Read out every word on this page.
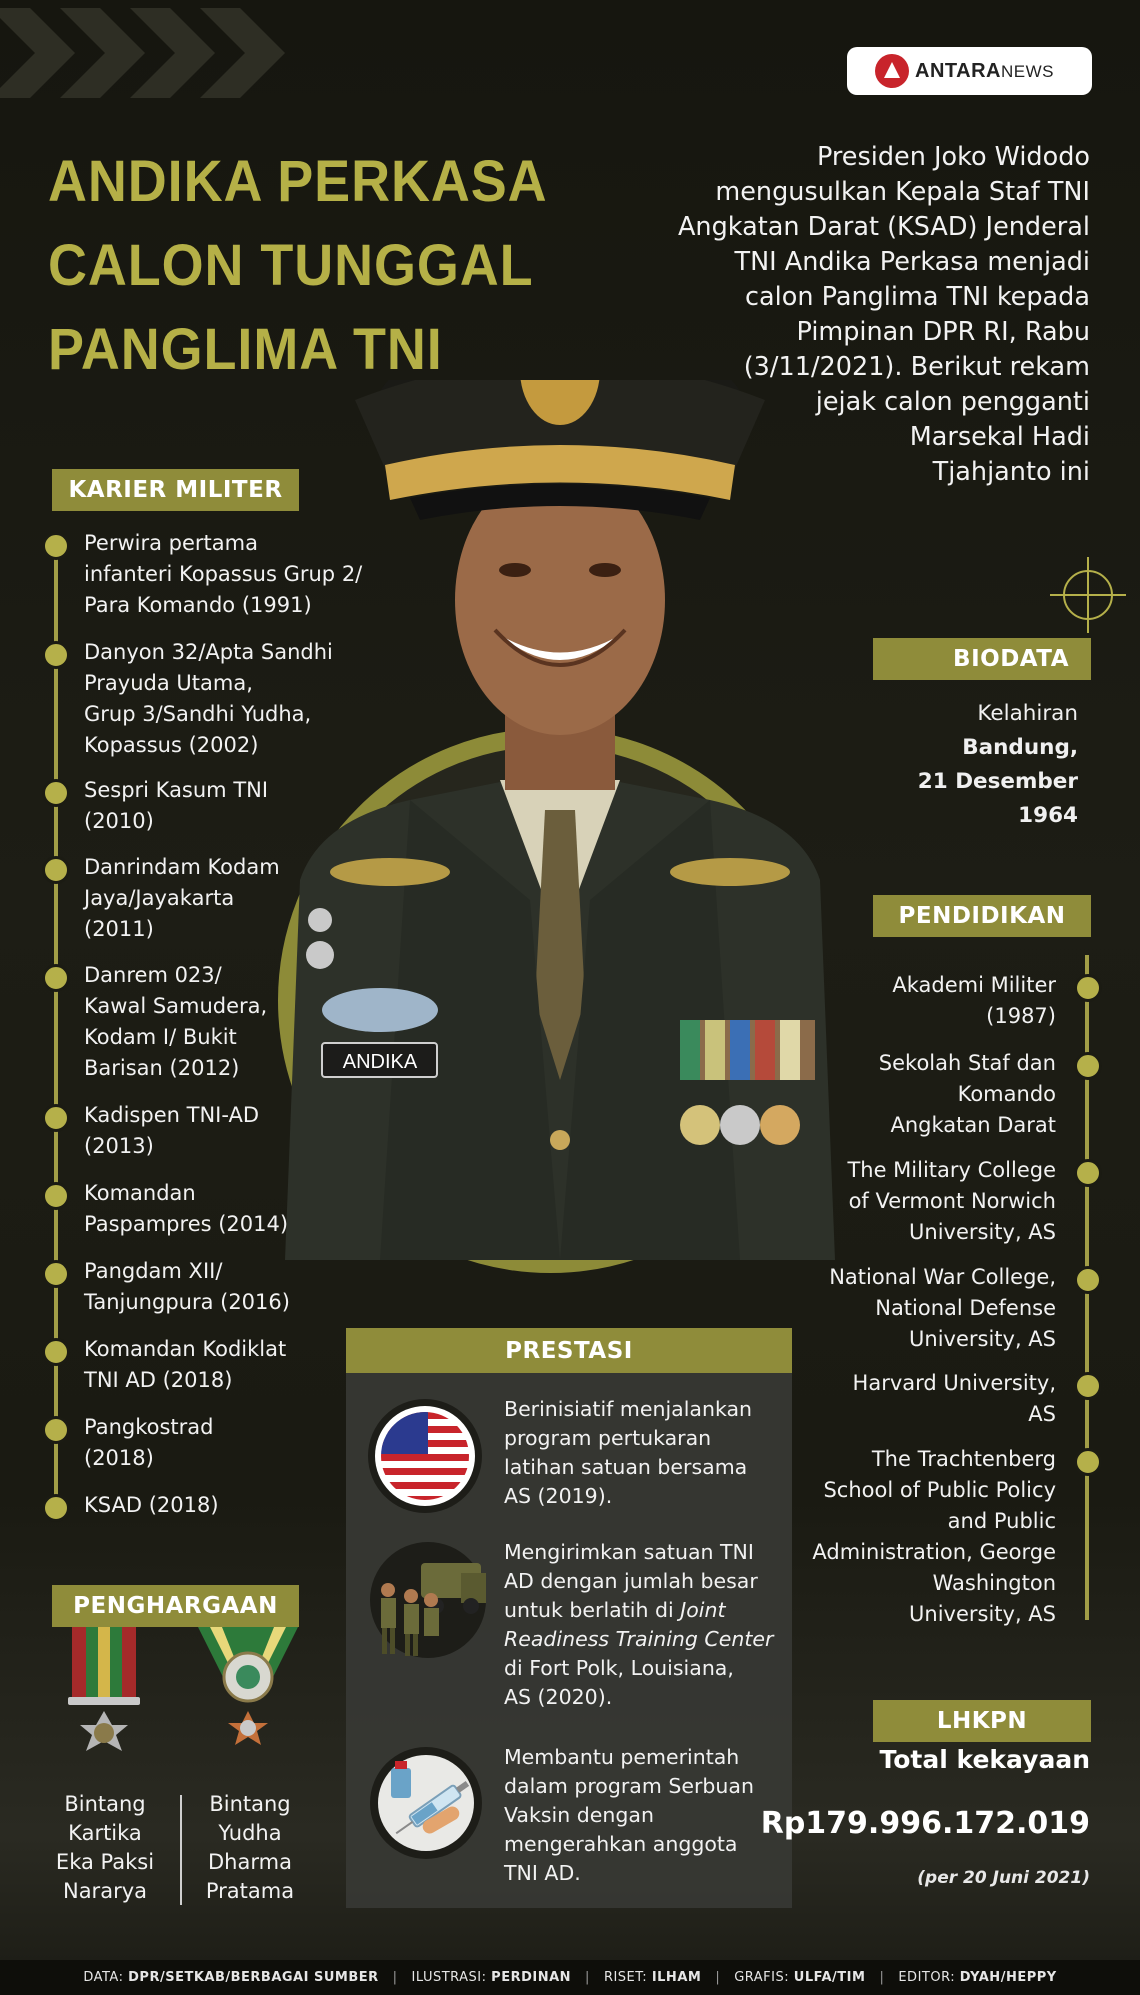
ANTARANEWS
ANDIKA PERKASA
CALON TUNGGAL
PANGLIMA TNI
Presiden Joko Widodo
mengusulkan Kepala Staf TNI
Angkatan Darat (KSAD) Jenderal
TNI Andika Perkasa menjadi
calon Panglima TNI kepada
Pimpinan DPR RI, Rabu
(3/11/2021). Berikut rekam
jejak calon pengganti
Marsekal Hadi
Tjahjanto ini
ANDIKA
KARIER MILITER
Perwira pertama
infanteri Kopassus Grup 2/
Para Komando (1991)
Danyon 32/Apta Sandhi
Prayuda Utama,
Grup 3/Sandhi Yudha,
Kopassus (2002)
Sespri Kasum TNI
(2010)
Danrindam Kodam
Jaya/Jayakarta
(2011)
Danrem 023/
Kawal Samudera,
Kodam I/ Bukit
Barisan (2012)
Kadispen TNI-AD
(2013)
Komandan
Paspampres (2014)
Pangdam XII/
Tanjungpura (2016)
Komandan Kodiklat
TNI AD (2018)
Pangkostrad
(2018)
KSAD (2018)
BIODATA
Kelahiran
Bandung,
21 Desember
1964
PENDIDIKAN
Akademi Militer
(1987)
Sekolah Staf dan
Komando
Angkatan Darat
The Military College
of Vermont Norwich
University, AS
National War College,
National Defense
University, AS
Harvard University,
AS
The Trachtenberg
School of Public Policy
and Public
Administration, George
Washington
University, AS
PRESTASI
Berinisiatif menjalankan
program pertukaran
latihan satuan bersama
AS (2019).
Mengirimkan satuan TNI
AD dengan jumlah besar
untuk berlatih di Joint
Readiness Training Center
di Fort Polk, Louisiana,
AS (2020).
Membantu pemerintah
dalam program Serbuan
Vaksin dengan
mengerahkan anggota
TNI AD.
PENGHARGAAN
Bintang
Kartika
Eka Paksi
Nararya
Bintang
Yudha
Dharma
Pratama
LHKPN
Total kekayaan
Rp179.996.172.019
(per 20 Juni 2021)
DATA: DPR/SETKAB/BERBAGAI SUMBER | ILUSTRASI: PERDINAN | RISET: ILHAM | GRAFIS: ULFA/TIM | EDITOR: DYAH/HEPPY
